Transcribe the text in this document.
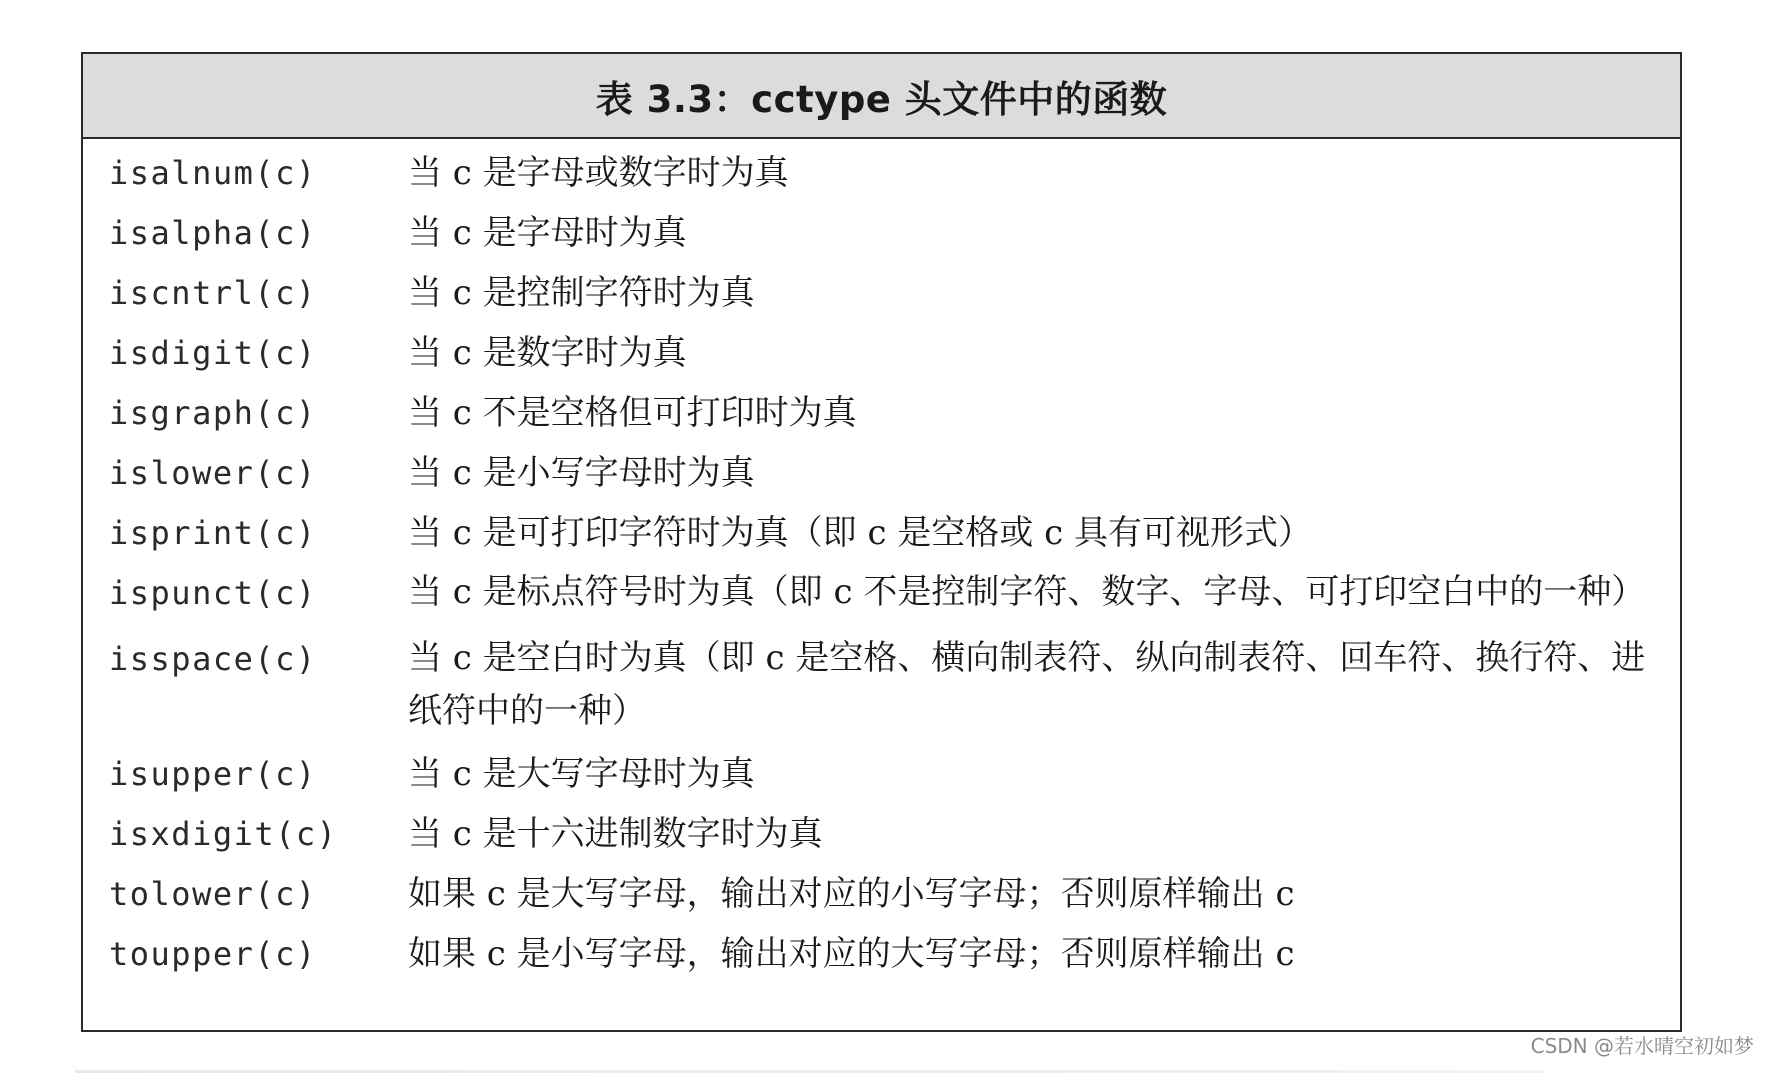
表 3.3：cctype 头文件中的函数
isalnum(c)	当 c 是字母或数字时为真
isalpha(c)	当 c 是字母时为真
iscntrl(c)	当 c 是控制字符时为真
isdigit(c)	当 c 是数字时为真
isgraph(c)	当 c 不是空格但可打印时为真
islower(c)	当 c 是小写字母时为真
isprint(c)	当 c 是可打印字符时为真（即 c 是空格或 c 具有可视形式）
ispunct(c)	当 c 是标点符号时为真（即 c 不是控制字符、数字、字母、可打印空白中的一种）
isspace(c)	当 c 是空白时为真（即 c 是空格、横向制表符、纵向制表符、回车符、换行符、进纸符中的一种）
isupper(c)	当 c 是大写字母时为真
isxdigit(c)	当 c 是十六进制数字时为真
tolower(c)	如果 c 是大写字母，输出对应的小写字母；否则原样输出 c
toupper(c)	如果 c 是小写字母，输出对应的大写字母；否则原样输出 c
CSDN @若水晴空初如梦
